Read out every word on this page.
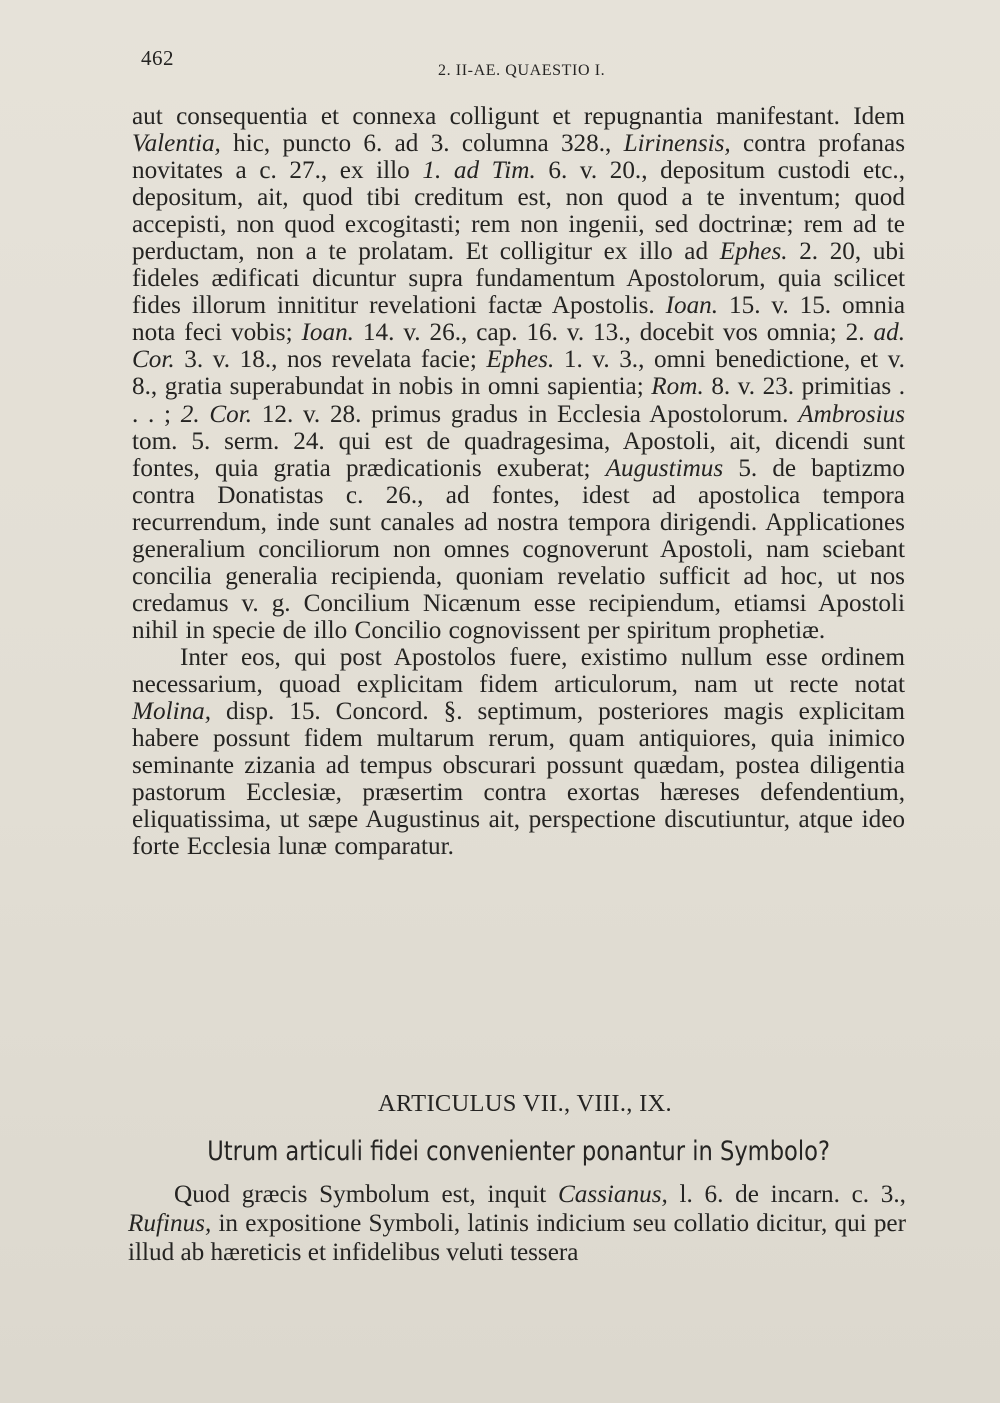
462
2. II-AE. QUAESTIO I.

aut consequentia et connexa colligunt et repugnantia manifestant. Idem Valentia, hic, puncto 6. ad 3. columna 328., Lirinensis, contra profanas novitates a c. 27., ex illo 1. ad Tim. 6. v. 20., depositum custodi etc., depositum, ait, quod tibi creditum est, non quod a te inventum; quod accepisti, non quod excogitasti; rem non ingenii, sed doctrinæ; rem ad te perductam, non a te prolatam. Et colligitur ex illo ad Ephes. 2. 20, ubi fideles ædificati dicuntur supra fundamentum Apostolorum, quia scilicet fides illorum innititur revelationi factæ Apostolis. Ioan. 15. v. 15. omnia nota feci vobis; Ioan. 14. v. 26., cap. 16. v. 13., docebit vos omnia; 2. ad. Cor. 3. v. 18., nos revelata facie; Ephes. 1. v. 3., omni benedictione, et v. 8., gratia superabundat in nobis in omni sapientia; Rom. 8. v. 23. primitias . . . ; 2. Cor. 12. v. 28. primus gradus in Ecclesia Apostolorum. Ambrosius tom. 5. serm. 24. qui est de quadragesima, Apostoli, ait, dicendi sunt fontes, quia gratia prædicationis exuberat; Augustimus 5. de baptizmo contra Donatistas c. 26., ad fontes, idest ad apostolica tempora recurrendum, inde sunt canales ad nostra tempora dirigendi. Applicationes generalium conciliorum non omnes cognoverunt Apostoli, nam sciebant concilia generalia recipienda, quoniam revelatio sufficit ad hoc, ut nos credamus v. g. Concilium Nicænum esse recipiendum, etiamsi Apostoli nihil in specie de illo Concilio cognovissent per spiritum prophetiæ.

Inter eos, qui post Apostolos fuere, existimo nullum esse ordinem necessarium, quoad explicitam fidem articulorum, nam ut recte notat Molina, disp. 15. Concord. §. septimum, posteriores magis explicitam habere possunt fidem multarum rerum, quam antiquiores, quia inimico seminante zizania ad tempus obscurari possunt quædam, postea diligentia pastorum Ecclesiæ, præsertim contra exortas hæreses defendentium, eliquatissima, ut sæpe Augustinus ait, perspectione discutiuntur, atque ideo forte Ecclesia lunæ comparatur.

ARTICULUS VII., VIII., IX.
Utrum articuli fidei convenienter ponantur in Symbolo?

Quod græcis Symbolum est, inquit Cassianus, l. 6. de incarn. c. 3., Rufinus, in expositione Symboli, latinis indicium seu collatio dicitur, qui per illud ab hæreticis et infidelibus veluti tessera
